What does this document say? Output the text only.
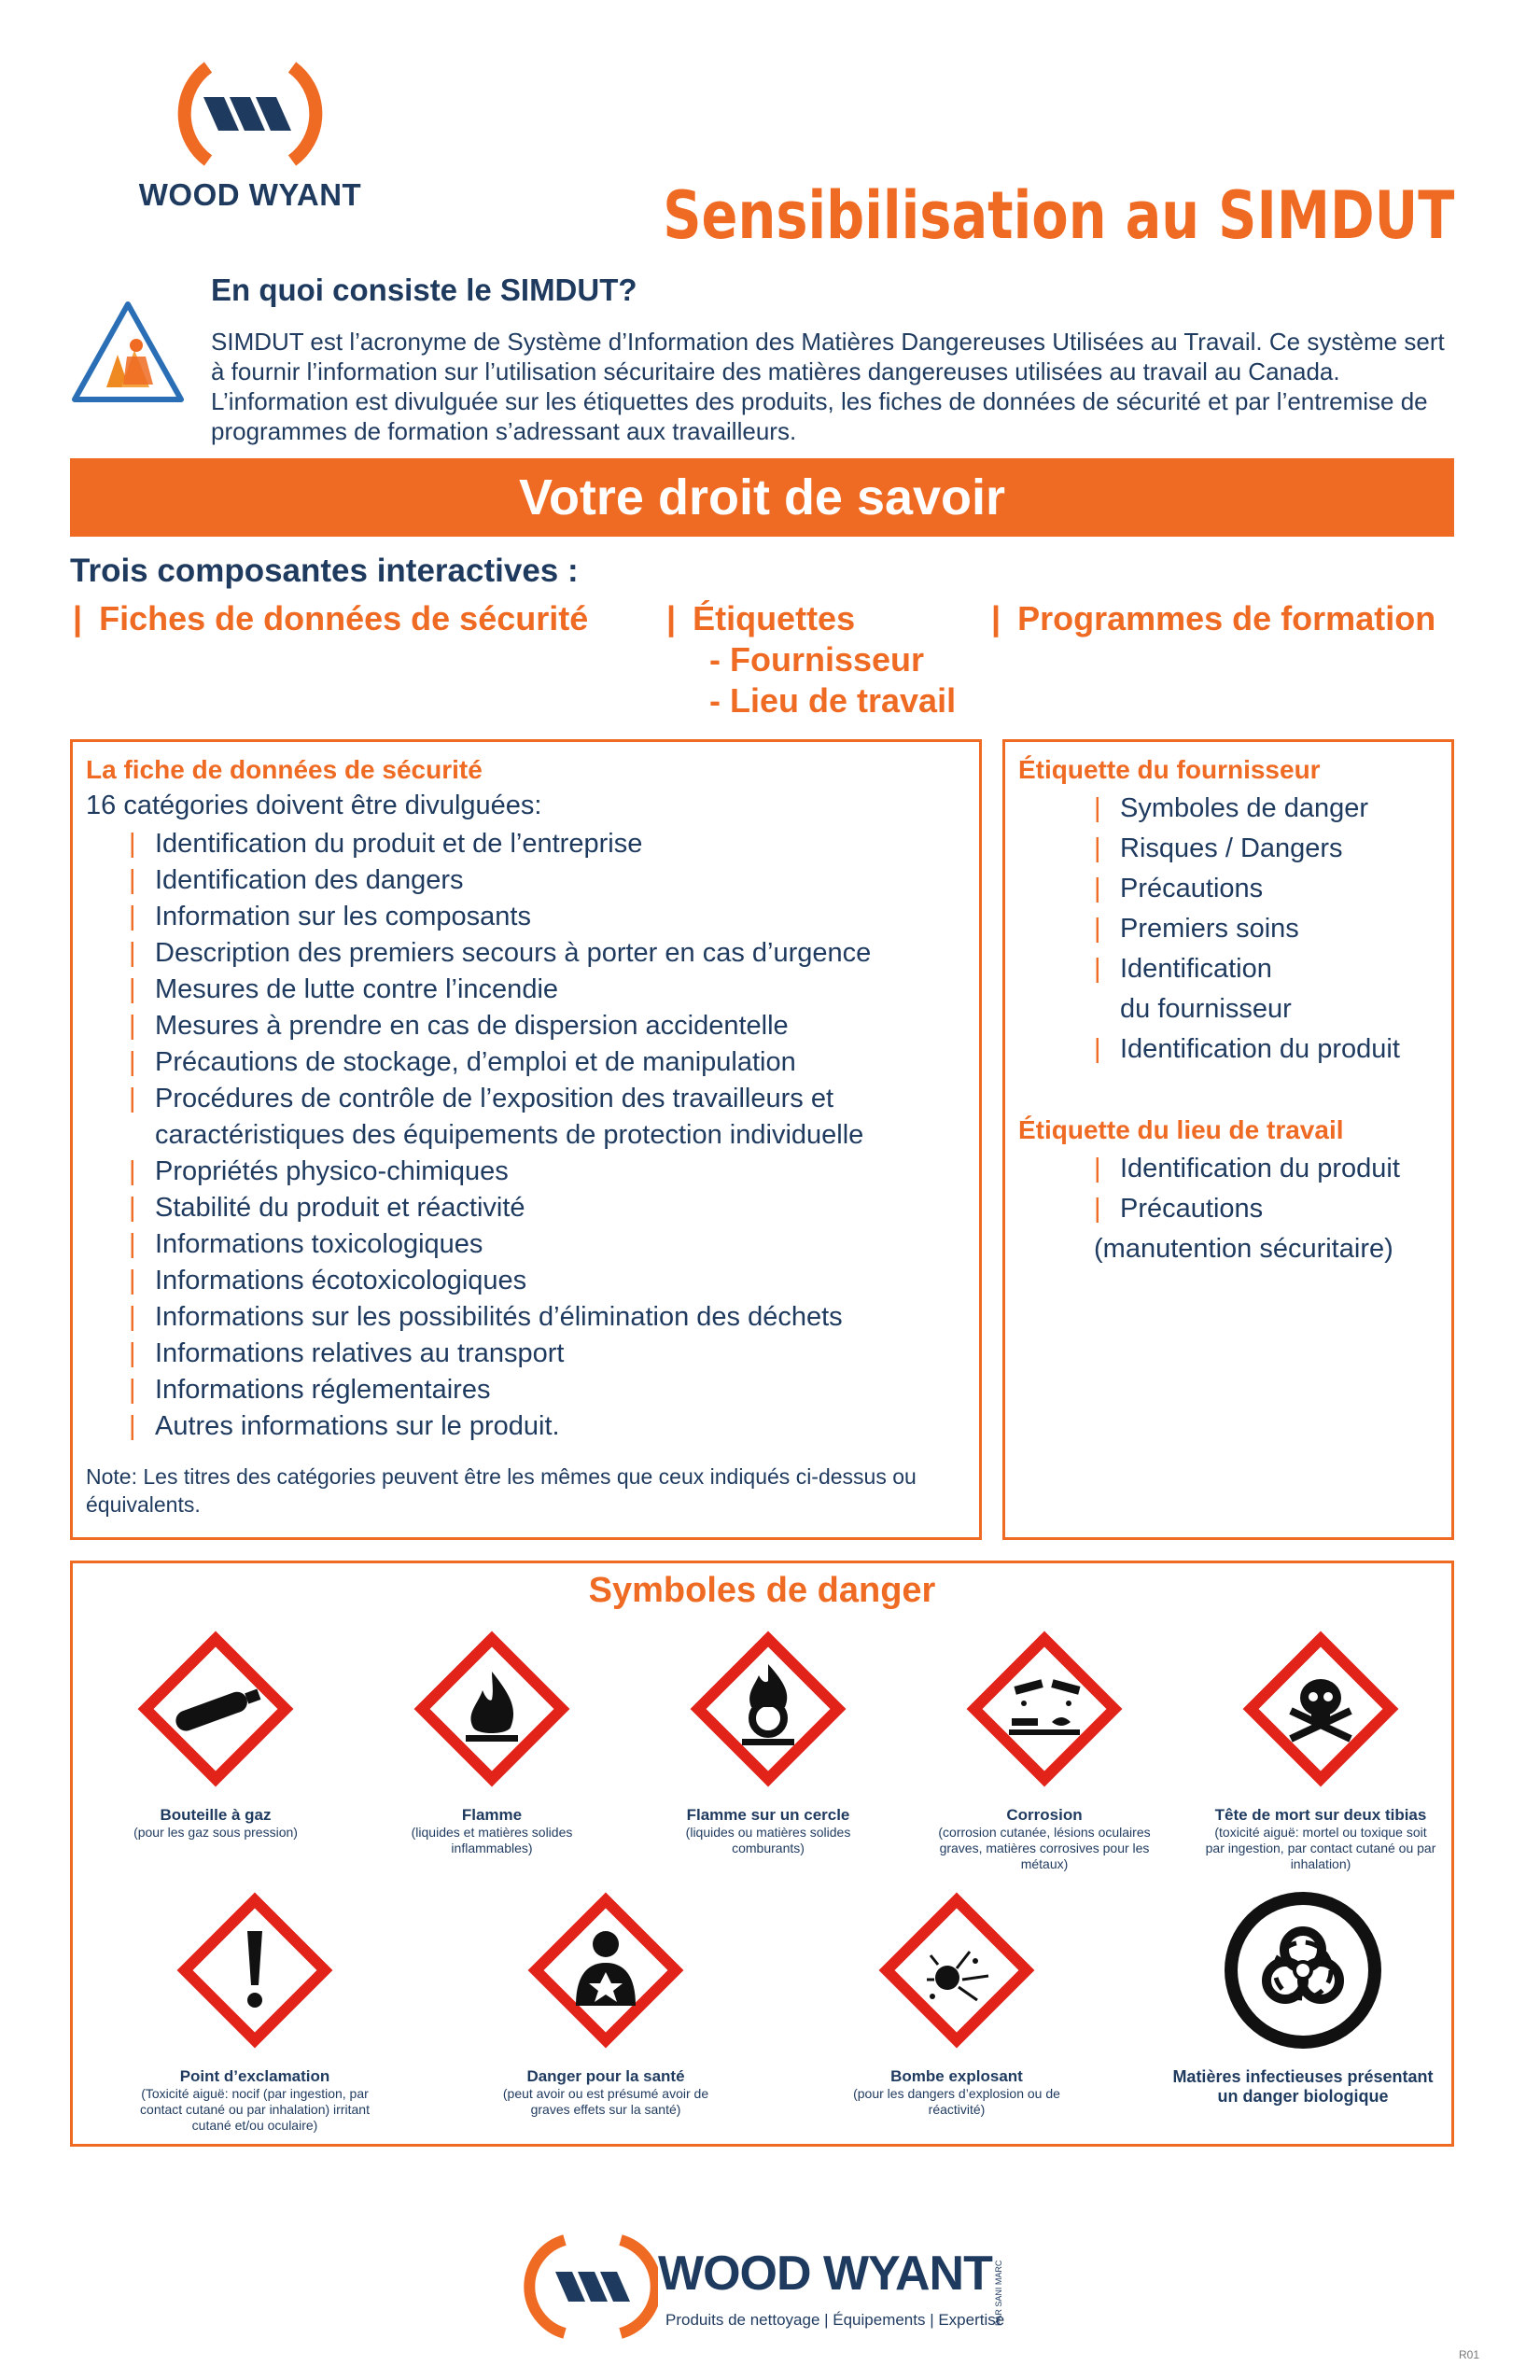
WOOD WYANT	Sensibilisation au SIMDUT
En quoi consiste le SIMDUT?
SIMDUT est l’acronyme de Système d’Information des Matières Dangereuses Utilisées au Travail. Ce système sert à fournir l’information sur l’utilisation sécuritaire des matières dangereuses utilisées au travail au Canada. L’information est divulguée sur les étiquettes des produits, les fiches de données de sécurité et par l’entremise de programmes de formation s’adressant aux travailleurs.
Votre droit de savoir
Trois composantes interactives :
| Fiches de données de sécurité | Étiquettes
- Fournisseur
- Lieu de travail
| Programmes de formation
La fiche de données de sécurité
16 catégories doivent être divulguées:
| Identification du produit et de l’entreprise
| Identification des dangers
| Information sur les composants
| Description des premiers secours à porter en cas d’urgence
| Mesures de lutte contre l’incendie
| Mesures à prendre en cas de dispersion accidentelle
| Précautions de stockage, d’emploi et de manipulation
| Procédures de contrôle de l’exposition des travailleurs et
caractéristiques des équipements de protection individuelle
| Propriétés physico-chimiques
| Stabilité du produit et réactivité
| Informations toxicologiques
| Informations écotoxicologiques
| Informations sur les possibilités d’élimination des déchets
| Informations relatives au transport
| Informations réglementaires
| Autres informations sur le produit.
Note: Les titres des catégories peuvent être les mêmes que ceux indiqués ci-dessus ou équivalents.
Étiquette du fournisseur
| Symboles de danger
| Risques / Dangers
| Précautions
| Premiers soins
| Identification
du fournisseur
| Identification du produit
Étiquette du lieu de travail
| Identification du produit
| Précautions
(manutention sécuritaire)
Symboles de danger
Bouteille à gaz
(pour les gaz sous pression)
Flamme
(liquides et matières solides inflammables)
Flamme sur un cercle
(liquides ou matières solides comburants)
Corrosion
(corrosion cutanée, lésions oculaires graves, matières corrosives pour les métaux)
Tête de mort sur deux tibias
(toxicité aiguë: mortel ou toxique soit par ingestion, par contact cutané ou par inhalation)
Point d’exclamation
(Toxicité aiguë: nocif (par ingestion, par contact cutané ou par inhalation) irritant cutané et/ou oculaire)
Danger pour la santé
(peut avoir ou est présumé avoir de graves effets sur la santé)
Bombe explosant
(pour les dangers d’explosion ou de réactivité)
Matières infectieuses présentant un danger biologique
WOOD WYANT
Produits de nettoyage | Équipements | Expertise
PAR SANI MARC
R01
